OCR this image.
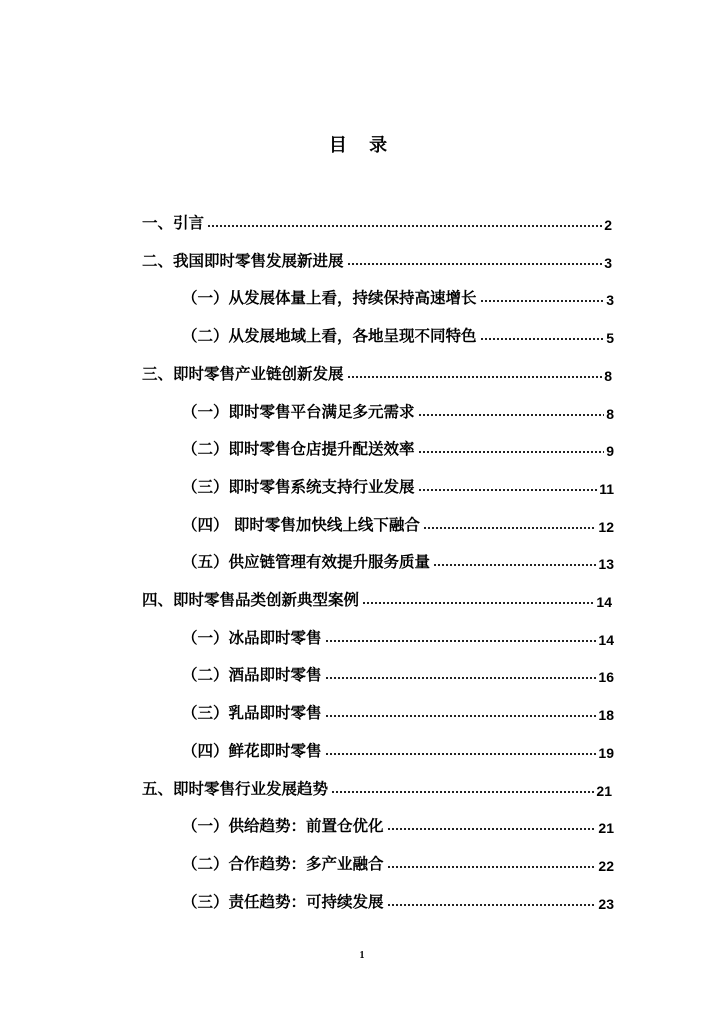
目 录
一、引言	2
二、我国即时零售发展新进展	3
（一）从发展体量上看，持续保持高速增长	3
（二）从发展地域上看，各地呈现不同特色	5
三、即时零售产业链创新发展	8
（一）即时零售平台满足多元需求	8
（二）即时零售仓店提升配送效率	9
（三）即时零售系统支持行业发展	11
（四） 即时零售加快线上线下融合	12
（五）供应链管理有效提升服务质量	13
四、即时零售品类创新典型案例	14
（一）冰品即时零售	14
（二）酒品即时零售	16
（三）乳品即时零售	18
（四）鲜花即时零售	19
五、即时零售行业发展趋势	21
（一）供给趋势：前置仓优化	21
（二）合作趋势：多产业融合	22
（三）责任趋势：可持续发展	23
1
